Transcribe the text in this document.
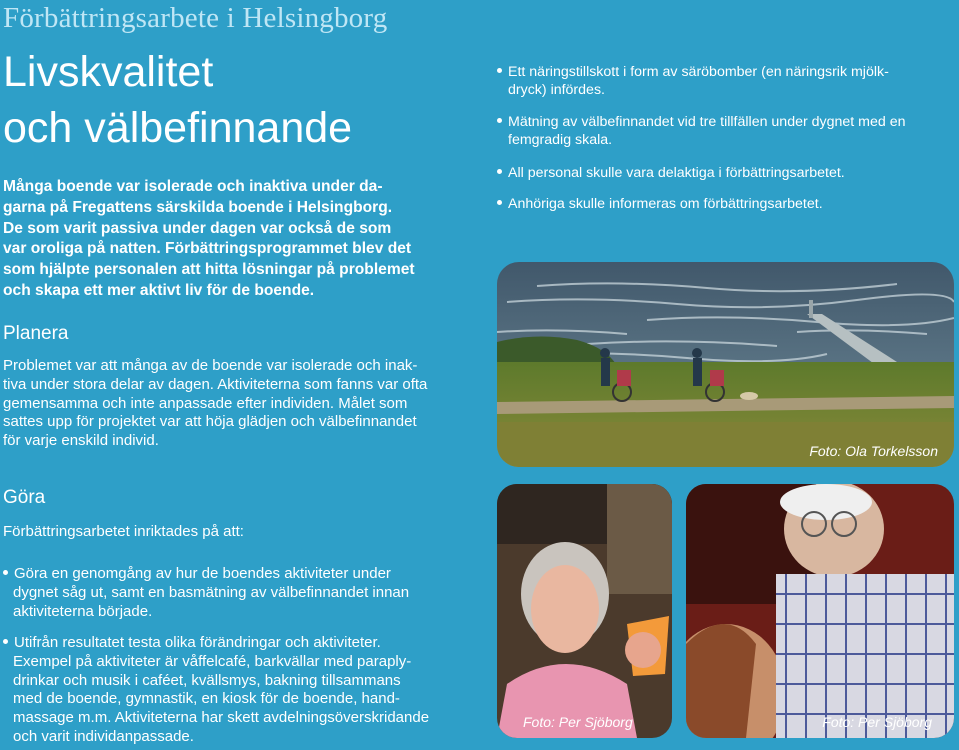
Förbättringsarbete i Helsingborg
Livskvalitet
och välbefinnande
Många boende var isolerade och inaktiva under da-
garna på Fregattens särskilda boende i Helsingborg.
De som varit passiva under dagen var också de som
var oroliga på natten. Förbättringsprogrammet blev det
som hjälpte personalen att hitta lösningar på problemet
och skapa ett mer aktivt liv för de boende.
Planera
Problemet var att många av de boende var isolerade och inak-
tiva under stora delar av dagen. Aktiviteterna som fanns var ofta
gemensamma och inte anpassade efter individen. Målet som
sattes upp för projektet var att höja glädjen och välbefinnandet
för varje enskild individ.
Göra
Förbättringsarbetet inriktades på att:
Göra en genomgång av hur de boendes aktiviteter under
dygnet såg ut, samt en basmätning av välbefinnandet innan
aktiviteterna började.
Utifrån resultatet testa olika förändringar och aktiviteter.
Exempel på aktiviteter är våffelcafé, barkvällar med paraply-
drinkar och musik i caféet, kvällsmys, bakning tillsammans
med de boende, gymnastik, en kiosk för de boende, hand-
massage m.m. Aktiviteterna har skett avdelningsöverskridande
och varit individanpassade.
Ett näringstillskott i form av säröbomber (en näringsrik mjölk-
dryck) infördes.
Mätning av välbefinnandet vid tre tillfällen under dygnet med en
femgradig skala.
All personal skulle vara delaktiga i förbättringsarbetet.
Anhöriga skulle informeras om förbättringsarbetet.
Foto: Ola Torkelsson
Foto: Per Sjöborg	Foto: Per Sjöborg
